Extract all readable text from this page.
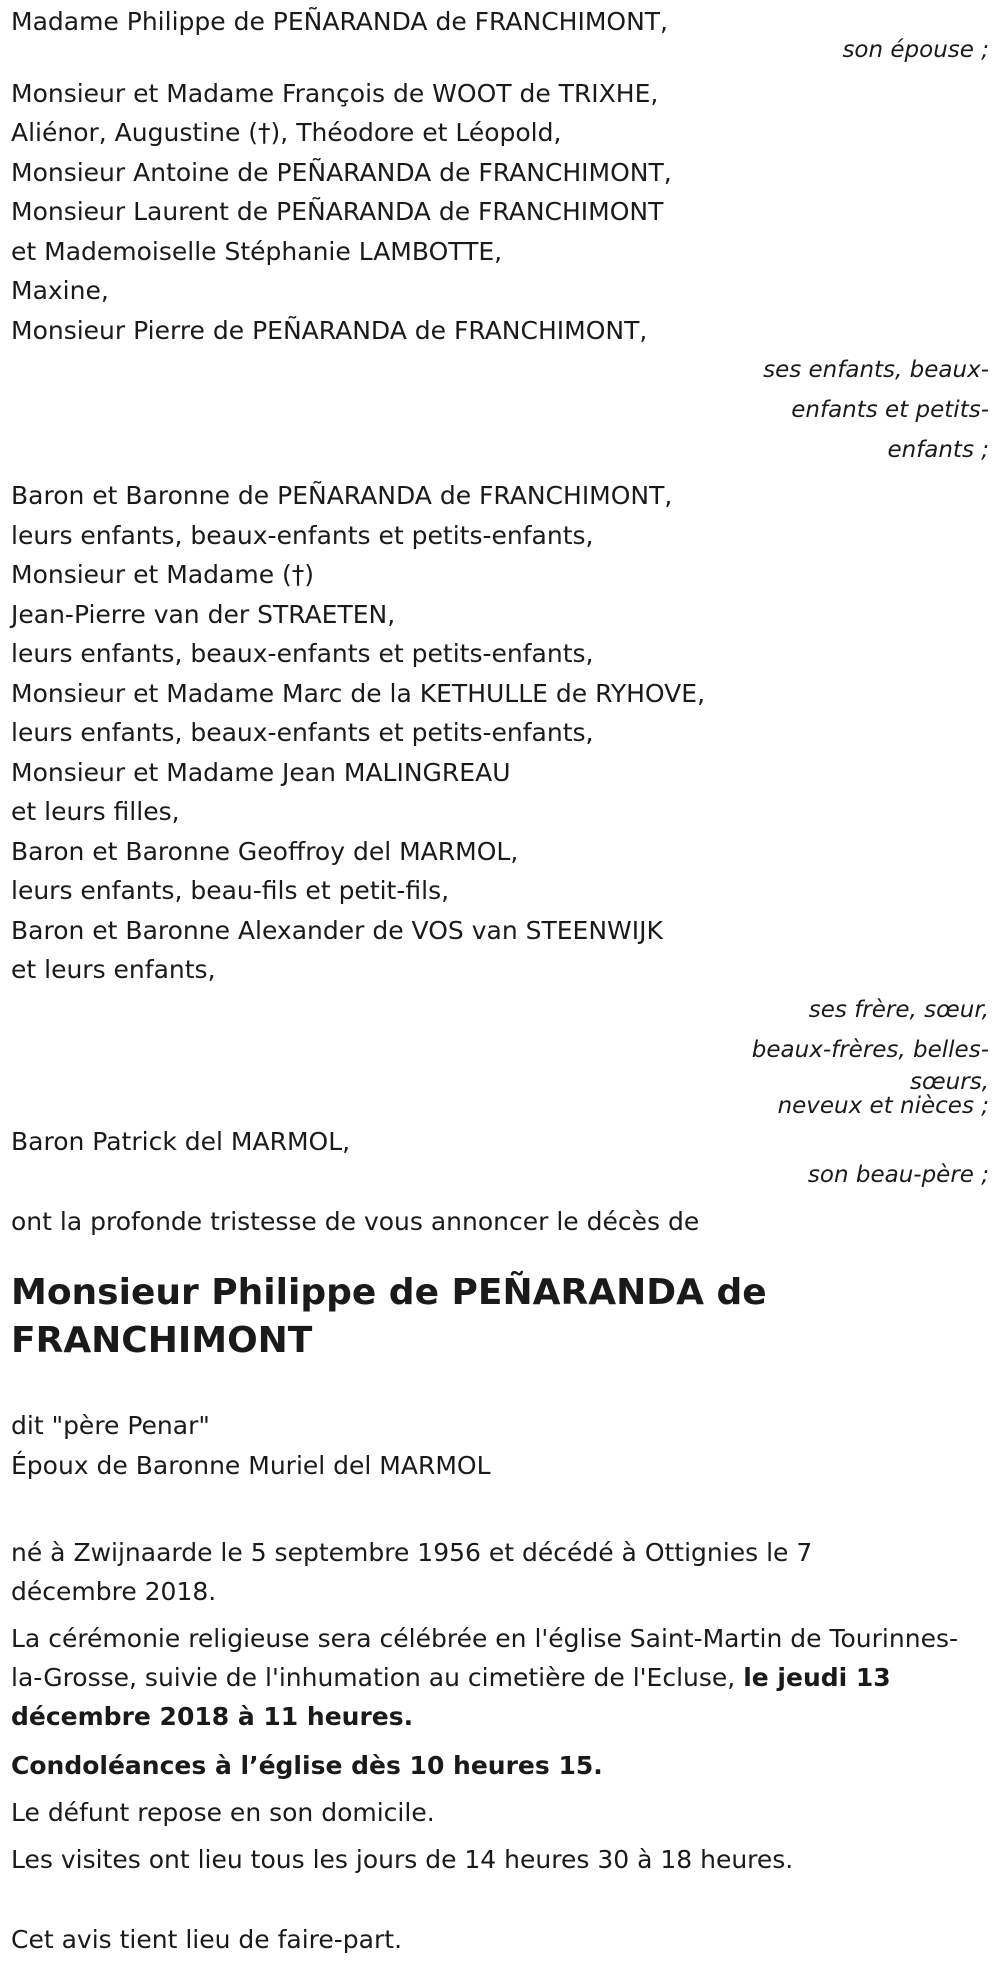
Madame Philippe de PEÑARANDA de FRANCHIMONT,
son épouse ;
Monsieur et Madame François de WOOT de TRIXHE,
Aliénor, Augustine (†), Théodore et Léopold,
Monsieur Antoine de PEÑARANDA de FRANCHIMONT,
Monsieur Laurent de PEÑARANDA de FRANCHIMONT
et Mademoiselle Stéphanie LAMBOTTE,
Maxine,
Monsieur Pierre de PEÑARANDA de FRANCHIMONT,
ses enfants, beaux-
enfants et petits-
enfants ;
Baron et Baronne de PEÑARANDA de FRANCHIMONT,
leurs enfants, beaux-enfants et petits-enfants,
Monsieur et Madame (†)
Jean-Pierre van der STRAETEN,
leurs enfants, beaux-enfants et petits-enfants,
Monsieur et Madame Marc de la KETHULLE de RYHOVE,
leurs enfants, beaux-enfants et petits-enfants,
Monsieur et Madame Jean MALINGREAU
et leurs filles,
Baron et Baronne Geoffroy del MARMOL,
leurs enfants, beau-fils et petit-fils,
Baron et Baronne Alexander de VOS van STEENWIJK
et leurs enfants,
ses frère, sœur,
beaux-frères, belles-
sœurs,
neveux et nièces ;
Baron Patrick del MARMOL,
son beau-père ;
ont la profonde tristesse de vous annoncer le décès de
Monsieur Philippe de PEÑARANDA de FRANCHIMONT
dit "père Penar"
Époux de Baronne Muriel del MARMOL
né à Zwijnaarde le 5 septembre 1956 et décédé à Ottignies le 7 décembre 2018.
La cérémonie religieuse sera célébrée en l'église Saint-Martin de Tourinnes-la-Grosse, suivie de l'inhumation au cimetière de l'Ecluse, le jeudi 13 décembre 2018 à 11 heures.
Condoléances à l’église dès 10 heures 15.
Le défunt repose en son domicile.
Les visites ont lieu tous les jours de 14 heures 30 à 18 heures.
Cet avis tient lieu de faire-part.
